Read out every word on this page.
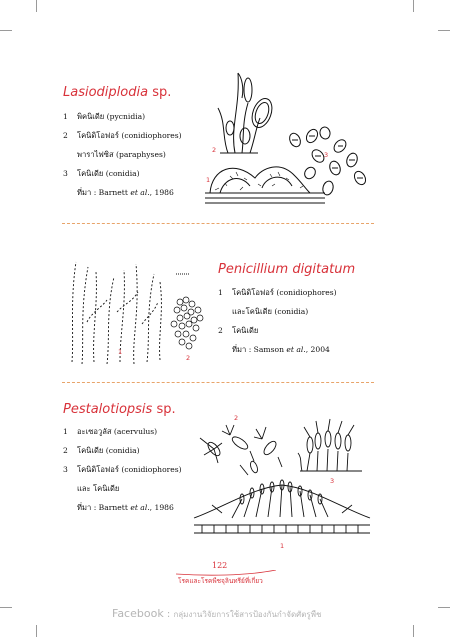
Lasiodiplodia sp.
1 พิคนิเดีย (pycnidia)
2 โคนิดิโอฟอร์ (conidiophores)
พาราไฟซิส (paraphyses)
3 โคนิเดีย (conidia)
ที่มา : Barnett et al., 1986
1
2
3
1
2
Penicillium digitatum
1 โคนิดิโอฟอร์ (conidiophores)
และโคนิเดีย (conidia)
2 โคนิเดีย
ที่มา : Samson et al., 2004
Pestalotiopsis sp.
1 อะเซอวูลัส (acervulus)
2 โคนิเดีย (conidia)
3 โคนิดิโอฟอร์ (conidiophores)
และ โคนิเดีย
ที่มา : Barnett et al., 1986
1
2
3
122
โรคและโรคพืชจุลินทรีย์ที่เกี่ยว
Facebook : กลุ่มงานวิจัยการใช้สารป้องกันกำจัดศัตรูพืช
